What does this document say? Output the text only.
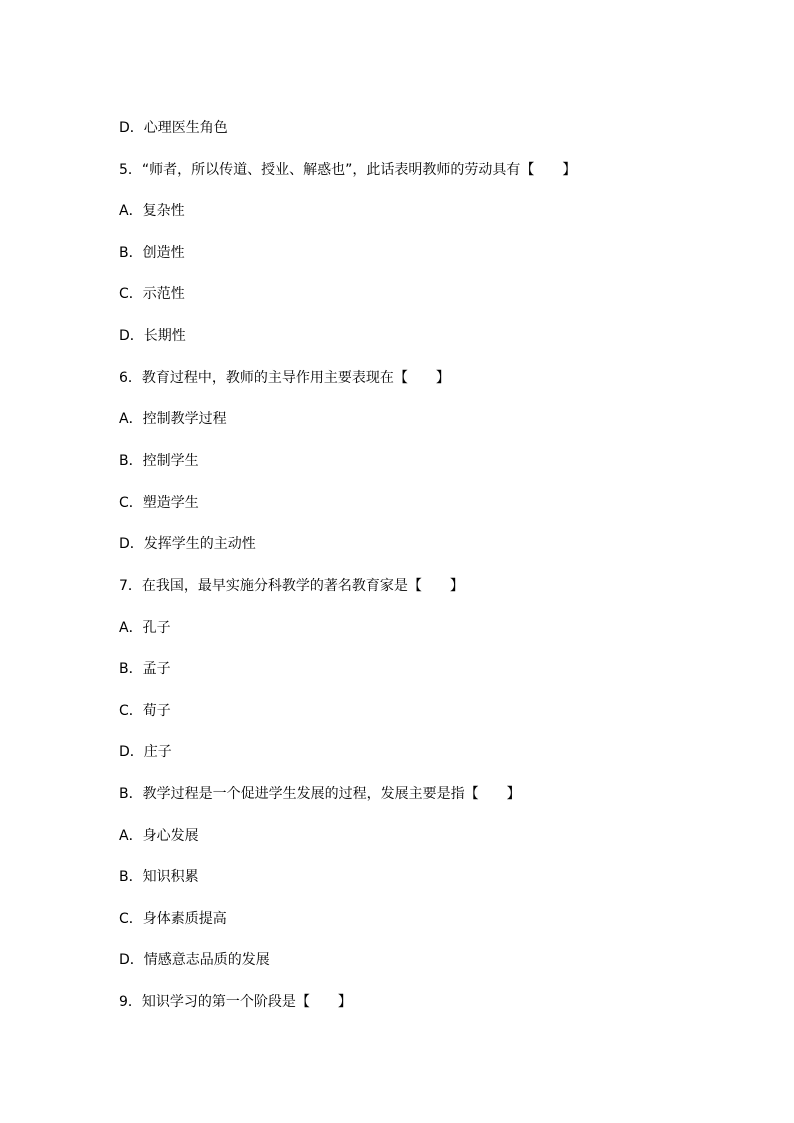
D．心理医生角色
5．“师者，所以传道、授业、解惑也”，此话表明教师的劳动具有【　　】
A．复杂性
B．创造性
C．示范性
D．长期性
6．教育过程中，教师的主导作用主要表现在【　　】
A．控制教学过程
B．控制学生
C．塑造学生
D．发挥学生的主动性
7．在我国，最早实施分科教学的著名教育家是【　　】
A．孔子
B．孟子
C．荀子
D．庄子
B．教学过程是一个促进学生发展的过程，发展主要是指【　　】
A．身心发展
B．知识积累
C．身体素质提高
D．情感意志品质的发展
9．知识学习的第一个阶段是【　　】
